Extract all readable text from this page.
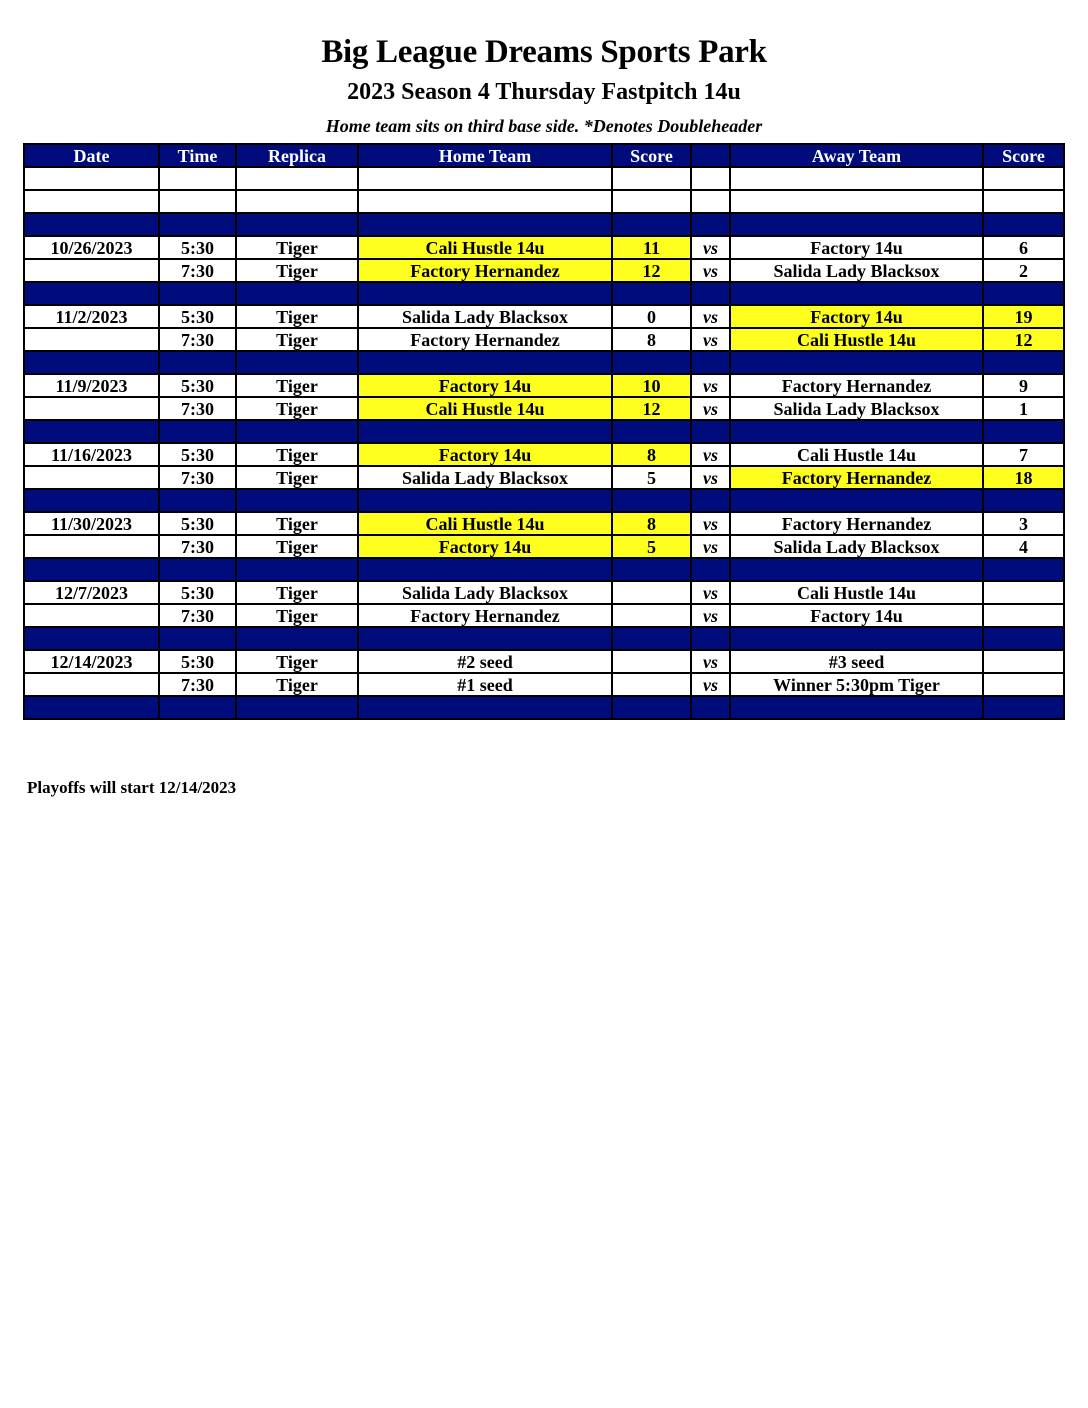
Big League Dreams Sports Park
2023 Season 4 Thursday Fastpitch 14u
Home team sits on third base side. *Denotes Doubleheader
Date	Time	Replica	Home Team	Score		Away Team	Score

10/26/2023	5:30	Tiger	Cali Hustle 14u	11	vs	Factory 14u	6
	7:30	Tiger	Factory Hernandez	12	vs	Salida Lady Blacksox	2

11/2/2023	5:30	Tiger	Salida Lady Blacksox	0	vs	Factory 14u	19
	7:30	Tiger	Factory Hernandez	8	vs	Cali Hustle 14u	12

11/9/2023	5:30	Tiger	Factory 14u	10	vs	Factory Hernandez	9
	7:30	Tiger	Cali Hustle 14u	12	vs	Salida Lady Blacksox	1

11/16/2023	5:30	Tiger	Factory 14u	8	vs	Cali Hustle 14u	7
	7:30	Tiger	Salida Lady Blacksox	5	vs	Factory Hernandez	18

11/30/2023	5:30	Tiger	Cali Hustle 14u	8	vs	Factory Hernandez	3
	7:30	Tiger	Factory 14u	5	vs	Salida Lady Blacksox	4

12/7/2023	5:30	Tiger	Salida Lady Blacksox		vs	Cali Hustle 14u	
	7:30	Tiger	Factory Hernandez		vs	Factory 14u	

12/14/2023	5:30	Tiger	#2 seed		vs	#3 seed	
	7:30	Tiger	#1 seed		vs	Winner 5:30pm Tiger	

Playoffs will start 12/14/2023
